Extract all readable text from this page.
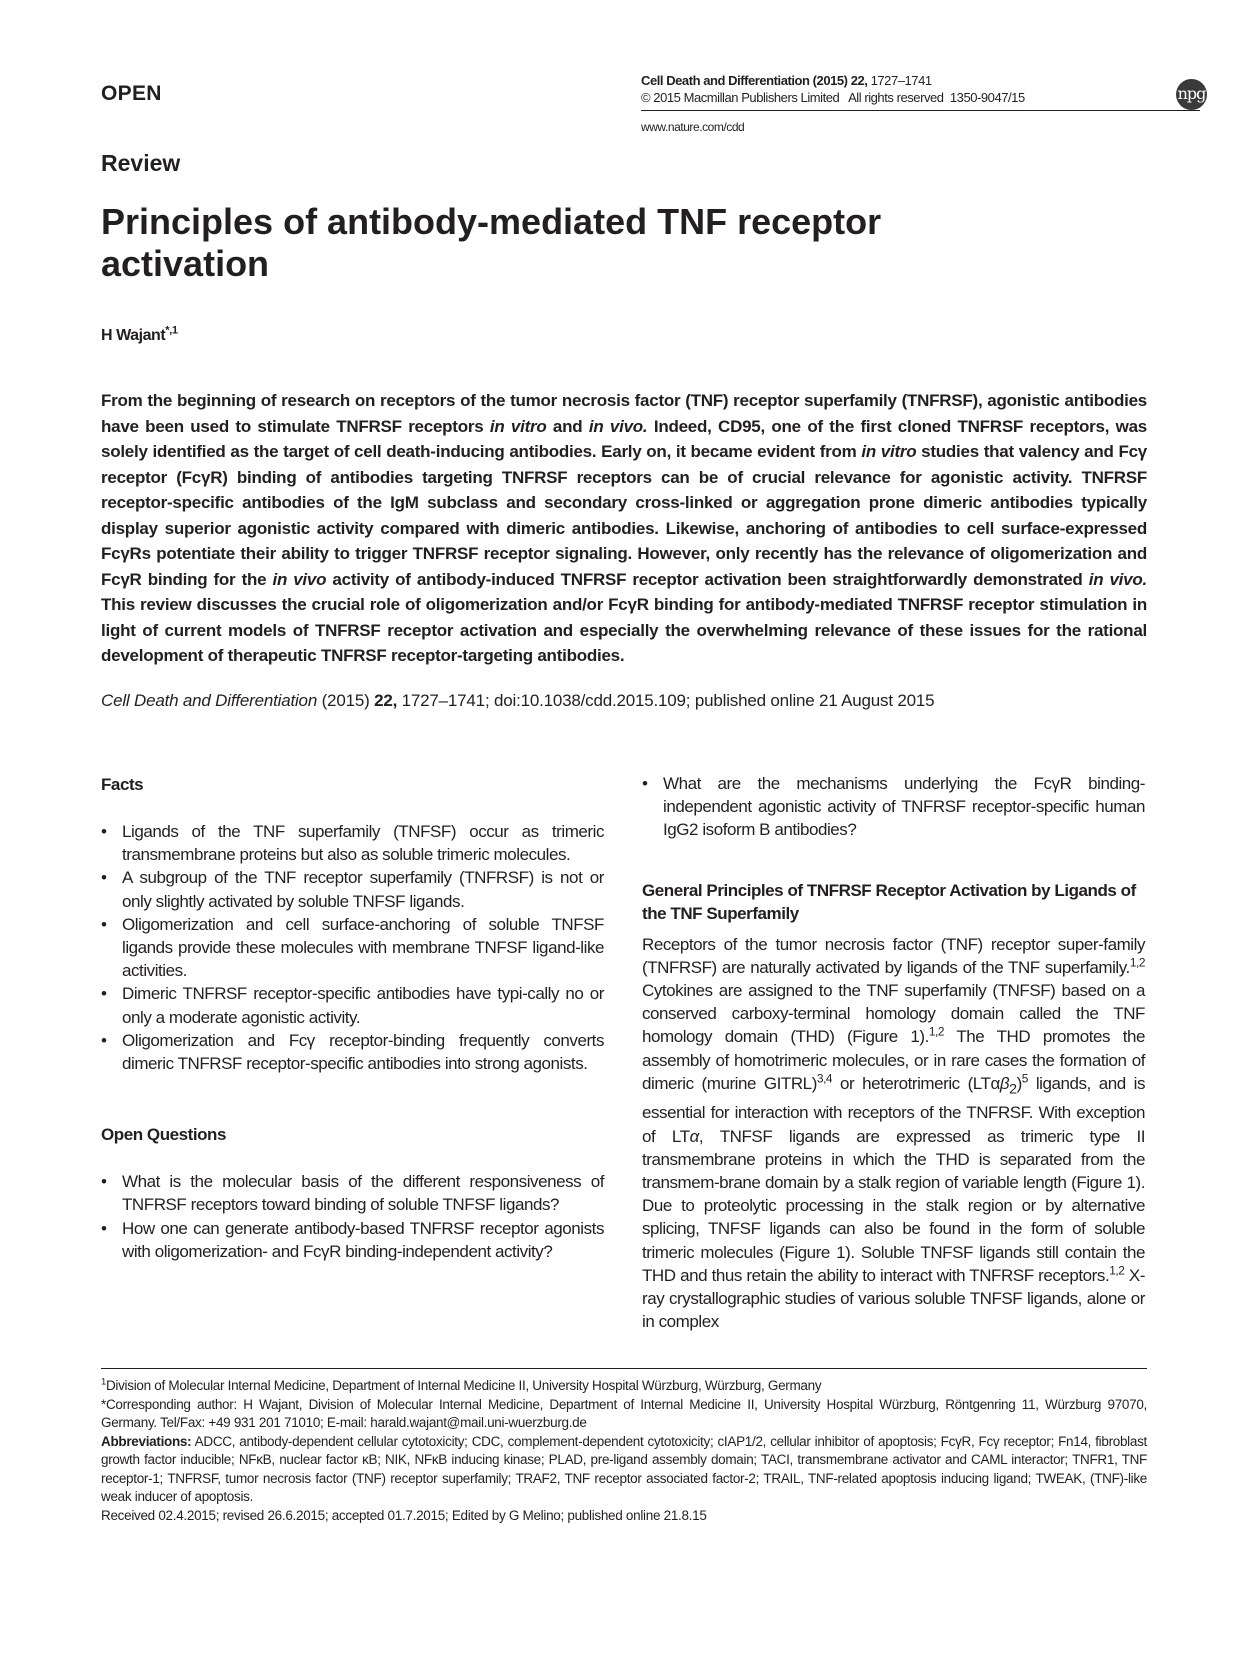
OPEN
Cell Death and Differentiation (2015) 22, 1727–1741
© 2015 Macmillan Publishers Limited   All rights reserved  1350-9047/15
www.nature.com/cdd
npg
Review
Principles of antibody-mediated TNF receptor activation
H Wajant$^{*,1}$

From the beginning of research on receptors of the tumor necrosis factor (TNF) receptor superfamily (TNFRSF), agonistic antibodies have been used to stimulate TNFRSF receptors in vitro and in vivo. Indeed, CD95, one of the first cloned TNFRSF receptors, was solely identified as the target of cell death-inducing antibodies. Early on, it became evident from in vitro studies that valency and Fcγ receptor (FcγR) binding of antibodies targeting TNFRSF receptors can be of crucial relevance for agonistic activity. TNFRSF receptor-specific antibodies of the IgM subclass and secondary cross-linked or aggregation prone dimeric antibodies typically display superior agonistic activity compared with dimeric antibodies. Likewise, anchoring of antibodies to cell surface-expressed FcγRs potentiate their ability to trigger TNFRSF receptor signaling. However, only recently has the relevance of oligomerization and FcγR binding for the in vivo activity of antibody-induced TNFRSF receptor activation been straightforwardly demonstrated in vivo. This review discusses the crucial role of oligomerization and/or FcγR binding for antibody-mediated TNFRSF receptor stimulation in light of current models of TNFRSF receptor activation and especially the overwhelming relevance of these issues for the rational development of therapeutic TNFRSF receptor-targeting antibodies.

Cell Death and Differentiation (2015) 22, 1727–1741; doi:10.1038/cdd.2015.109; published online 21 August 2015
Facts
• Ligands of the TNF superfamily (TNFSF) occur as trimeric transmembrane proteins but also as soluble trimeric molecules.
• A subgroup of the TNF receptor superfamily (TNFRSF) is not or only slightly activated by soluble TNFSF ligands.
• Oligomerization and cell surface-anchoring of soluble TNFSF ligands provide these molecules with membrane TNFSF ligand-like activities.
• Dimeric TNFRSF receptor-specific antibodies have typi-cally no or only a moderate agonistic activity.
• Oligomerization and Fcγ receptor-binding frequently converts dimeric TNFRSF receptor-specific antibodies into strong agonists.
Open Questions
• What is the molecular basis of the different responsiveness of TNFRSF receptors toward binding of soluble TNFSF ligands?
• How one can generate antibody-based TNFRSF receptor agonists with oligomerization- and FcγR binding-independent activity?
• What are the mechanisms underlying the FcγR binding-independent agonistic activity of TNFRSF receptor-specific human IgG2 isoform B antibodies?
General Principles of TNFRSF Receptor Activation by Ligands of the TNF Superfamily

Receptors of the tumor necrosis factor (TNF) receptor super-family (TNFRSF) are naturally activated by ligands of the TNF superfamily.$^{1,2}$ Cytokines are assigned to the TNF superfamily (TNFSF) based on a conserved carboxy-terminal homology domain called the TNF homology domain (THD) (Figure 1).$^{1,2}$ The THD promotes the assembly of homotrimeric molecules, or in rare cases the formation of dimeric (murine GITRL)$^{3,4}$ or heterotrimeric $(LT\alpha\beta_2)^5$ ligands, and is essential for interaction with receptors of the TNFRSF. With exception of LTα, TNFSF ligands are expressed as trimeric type II transmembrane proteins in which the THD is separated from the transmem-brane domain by a stalk region of variable length (Figure 1). Due to proteolytic processing in the stalk region or by alternative splicing, TNFSF ligands can also be found in the form of soluble trimeric molecules (Figure 1). Soluble TNFSF ligands still contain the THD and thus retain the ability to interact with TNFRSF receptors.$^{1,2}$ X-ray crystallographic studies of various soluble TNFSF ligands, alone or in complex

$^1$Division of Molecular Internal Medicine, Department of Internal Medicine II, University Hospital Würzburg, Würzburg, Germany

*Corresponding author: H Wajant, Division of Molecular Internal Medicine, Department of Internal Medicine II, University Hospital Würzburg, Röntgenring 11, Würzburg 97070, Germany. Tel/Fax: +49 931 201 71010; E-mail: harald.wajant@mail.uni-wuerzburg.de

Abbreviations: ADCC, antibody-dependent cellular cytotoxicity; CDC, complement-dependent cytotoxicity; cIAP1/2, cellular inhibitor of apoptosis; FcγR, Fcγ receptor; Fn14, fibroblast growth factor inducible; NFκB, nuclear factor κB; NIK, NFκB inducing kinase; PLAD, pre-ligand assembly domain; TACI, transmembrane activator and CAML interactor; TNFR1, TNF receptor-1; TNFRSF, tumor necrosis factor (TNF) receptor superfamily; TRAF2, TNF receptor associated factor-2; TRAIL, TNF-related apoptosis inducing ligand; TWEAK, (TNF)-like weak inducer of apoptosis.

Received 02.4.2015; revised 26.6.2015; accepted 01.7.2015; Edited by G Melino; published online 21.8.15
